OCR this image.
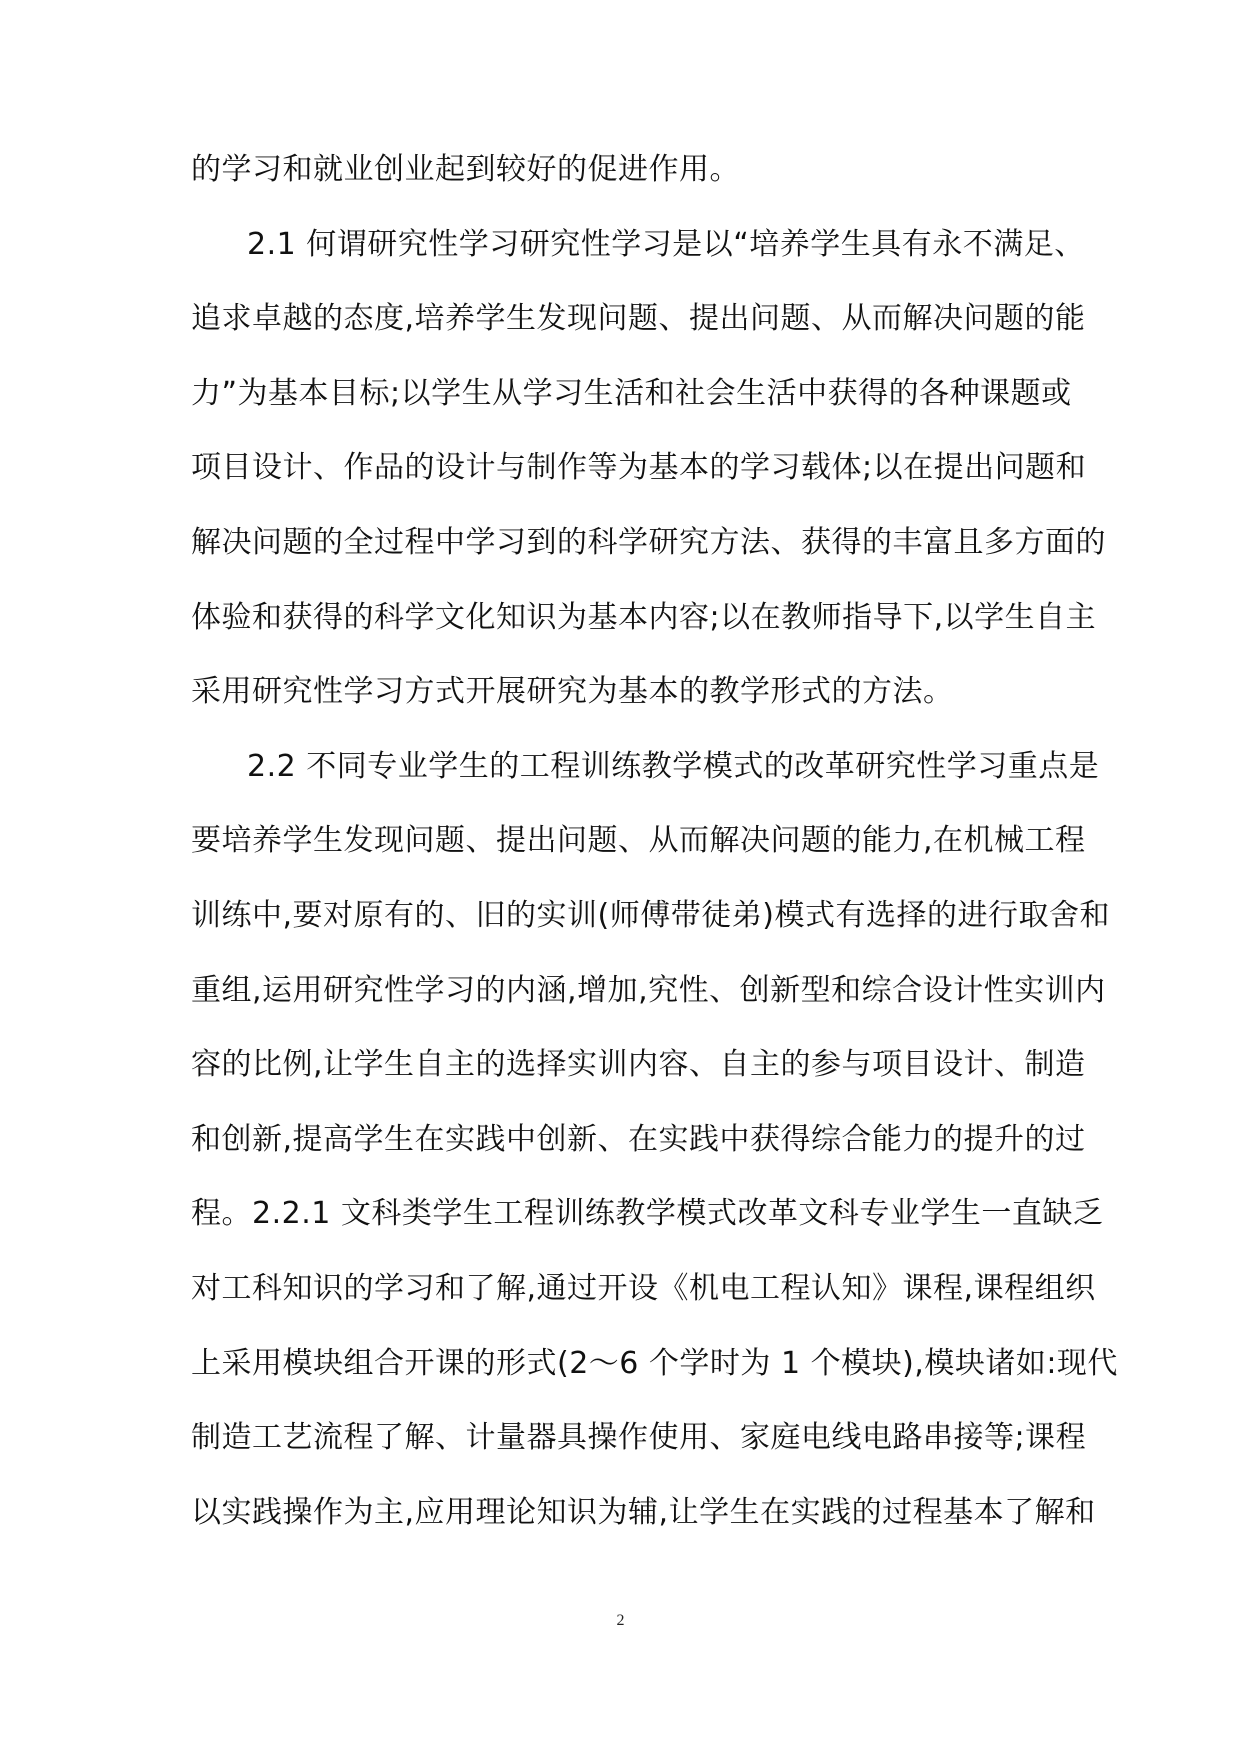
的学习和就业创业起到较好的促进作用。
2.1 何谓研究性学习研究性学习是以“培养学生具有永不满足、
追求卓越的态度,培养学生发现问题、提出问题、从而解决问题的能
力”为基本目标;以学生从学习生活和社会生活中获得的各种课题或
项目设计、作品的设计与制作等为基本的学习载体;以在提出问题和
解决问题的全过程中学习到的科学研究方法、获得的丰富且多方面的
体验和获得的科学文化知识为基本内容;以在教师指导下,以学生自主
采用研究性学习方式开展研究为基本的教学形式的方法。
2.2 不同专业学生的工程训练教学模式的改革研究性学习重点是
要培养学生发现问题、提出问题、从而解决问题的能力,在机械工程
训练中,要对原有的、旧的实训(师傅带徒弟)模式有选择的进行取舍和
重组,运用研究性学习的内涵,增加,究性、创新型和综合设计性实训内
容的比例,让学生自主的选择实训内容、自主的参与项目设计、制造
和创新,提高学生在实践中创新、在实践中获得综合能力的提升的过
程。2.2.1 文科类学生工程训练教学模式改革文科专业学生一直缺乏
对工科知识的学习和了解,通过开设《机电工程认知》课程,课程组织
上采用模块组合开课的形式(2～6 个学时为 1 个模块),模块诸如:现代
制造工艺流程了解、计量器具操作使用、家庭电线电路串接等;课程
以实践操作为主,应用理论知识为辅,让学生在实践的过程基本了解和
2
